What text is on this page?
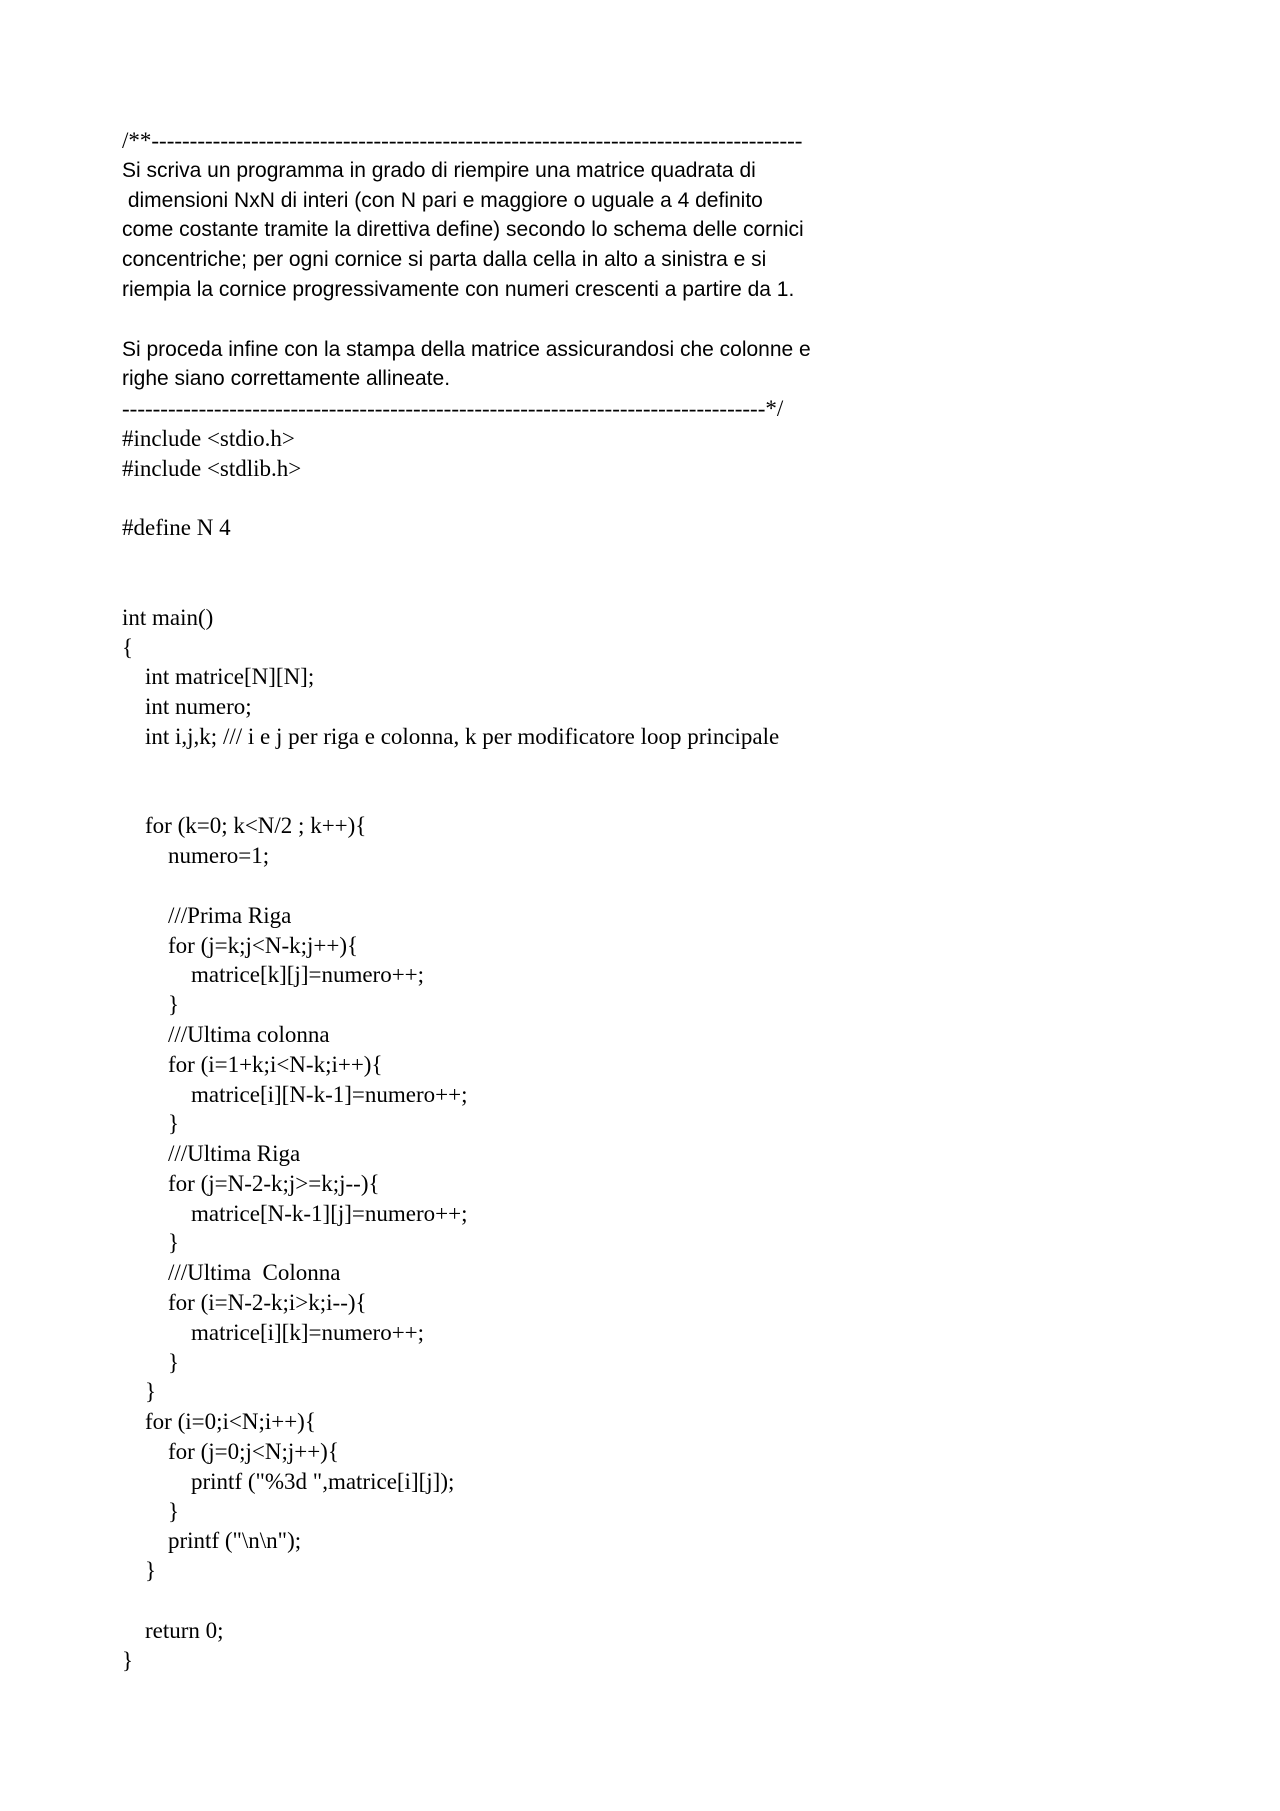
/**-------------------------------------------------------------------------------------
Si scriva un programma in grado di riempire una matrice quadrata di
dimensioni NxN di interi (con N pari e maggiore o uguale a 4 definito
come costante tramite la direttiva define) secondo lo schema delle cornici
concentriche; per ogni cornice si parta dalla cella in alto a sinistra e si
riempia la cornice progressivamente con numeri crescenti a partire da 1.
Si proceda infine con la stampa della matrice assicurandosi che colonne e
righe siano correttamente allineate.
------------------------------------------------------------------------------------*/
#include <stdio.h>
#include <stdlib.h>
#define N 4
int main()
{
int matrice[N][N];
int numero;
int i,j,k; /// i e j per riga e colonna, k per modificatore loop principale
for (k=0; k<N/2 ; k++){
numero=1;
///Prima Riga
for (j=k;j<N-k;j++){
matrice[k][j]=numero++;
}
///Ultima colonna
for (i=1+k;i<N-k;i++){
matrice[i][N-k-1]=numero++;
}
///Ultima Riga
for (j=N-2-k;j>=k;j--){
matrice[N-k-1][j]=numero++;
}
///Ultima  Colonna
for (i=N-2-k;i>k;i--){
matrice[i][k]=numero++;
}
}
for (i=0;i<N;i++){
for (j=0;j<N;j++){
printf ("%3d ",matrice[i][j]);
}
printf ("\n\n");
}
return 0;
}
